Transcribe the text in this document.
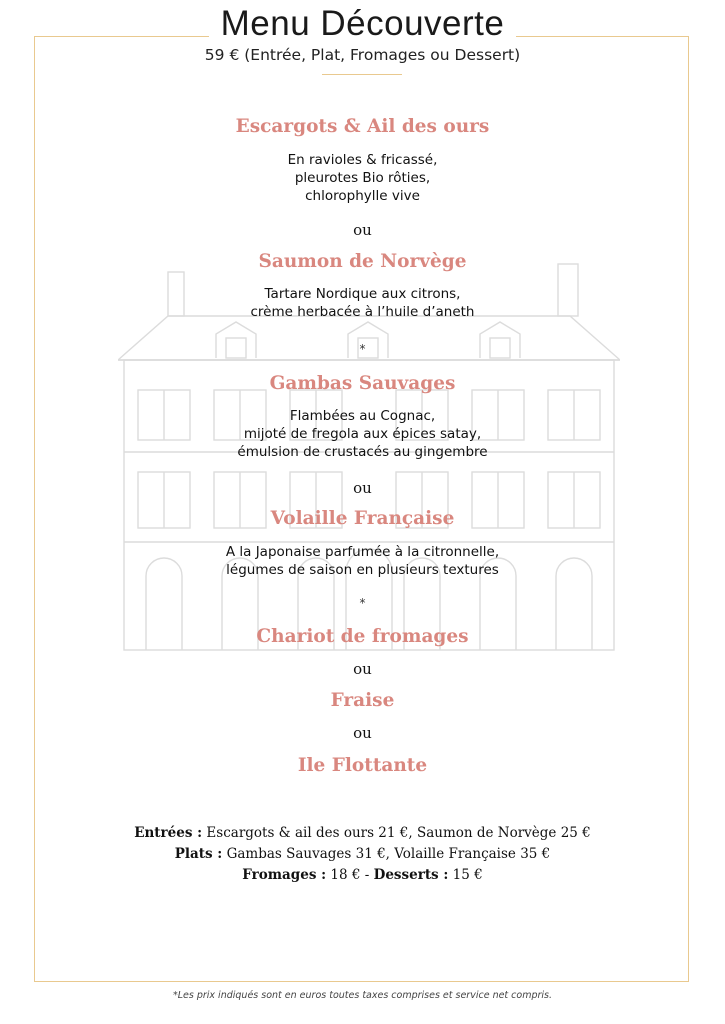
Menu Découverte
59 € (Entrée, Plat, Fromages ou Dessert)
Escargots & Ail des ours
En ravioles & fricassé,
pleurotes Bio rôties,
chlorophylle vive
ou
Saumon de Norvège
Tartare Nordique aux citrons,
crème herbacée à l’huile d’aneth
*
Gambas Sauvages
Flambées au Cognac,
mijoté de fregola aux épices satay,
émulsion de crustacés au gingembre
ou
Volaille Française
A la Japonaise parfumée à la citronnelle,
légumes de saison en plusieurs textures
*
Chariot de fromages
ou
Fraise
ou
Ile Flottante
Entrées : Escargots & ail des ours 21 €, Saumon de Norvège 25 €
Plats : Gambas Sauvages 31 €, Volaille Française 35 €
Fromages : 18 € - Desserts : 15 €
*Les prix indiqués sont en euros toutes taxes comprises et service net compris.
